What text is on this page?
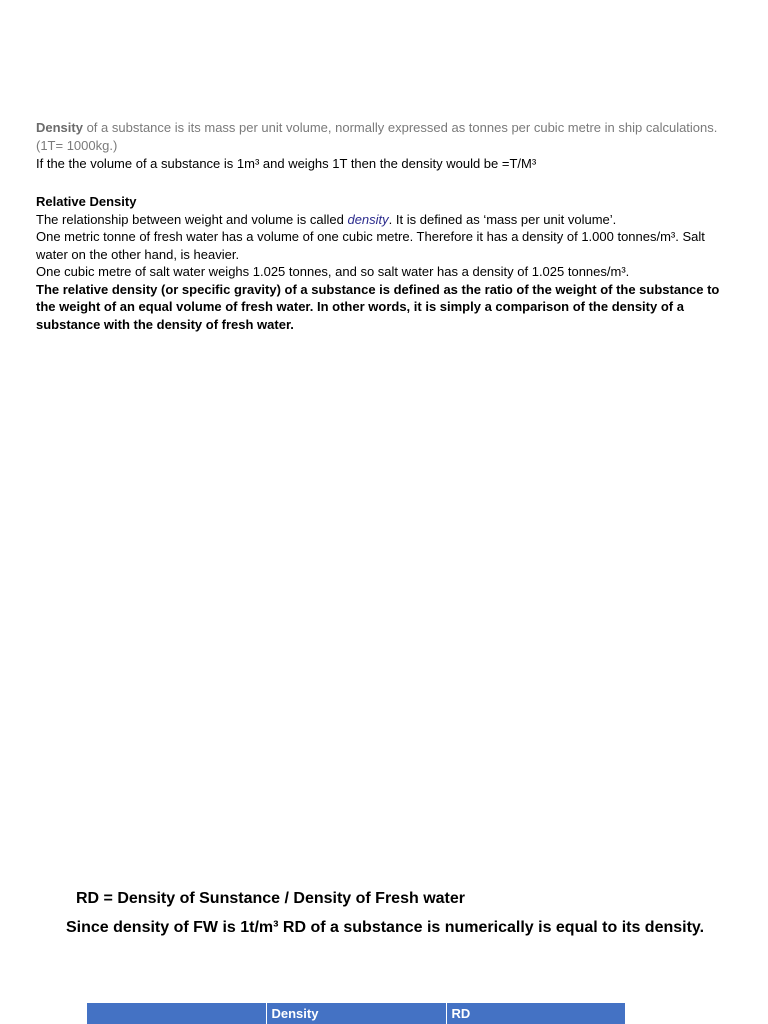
Density of a substance is its mass per unit volume, normally expressed as tonnes per cubic metre in ship calculations. (1T= 1000kg.)
If the the volume of a substance is 1m³ and weighs 1T then the density would be =T/M³

Relative Density

The relationship between weight and volume is called density. It is defined as ‘mass per unit volume’.

One metric tonne of fresh water has a volume of one cubic metre. Therefore it has a density of 1.000 tonnes/m³. Salt water on the other hand, is heavier.

One cubic metre of salt water weighs 1.025 tonnes, and so salt water has a density of 1.025 tonnes/m³.

The relative density (or specific gravity) of a substance is defined as the ratio of the weight of the substance to the weight of an equal volume of fresh water. In other words, it is simply a comparison of the density of a substance with the density of fresh water.

RD = Density of Sunstance / Density of Fresh water
Since density of FW is 1t/m³ RD of a substance is numerically is equal to its density.
	Density	RD
